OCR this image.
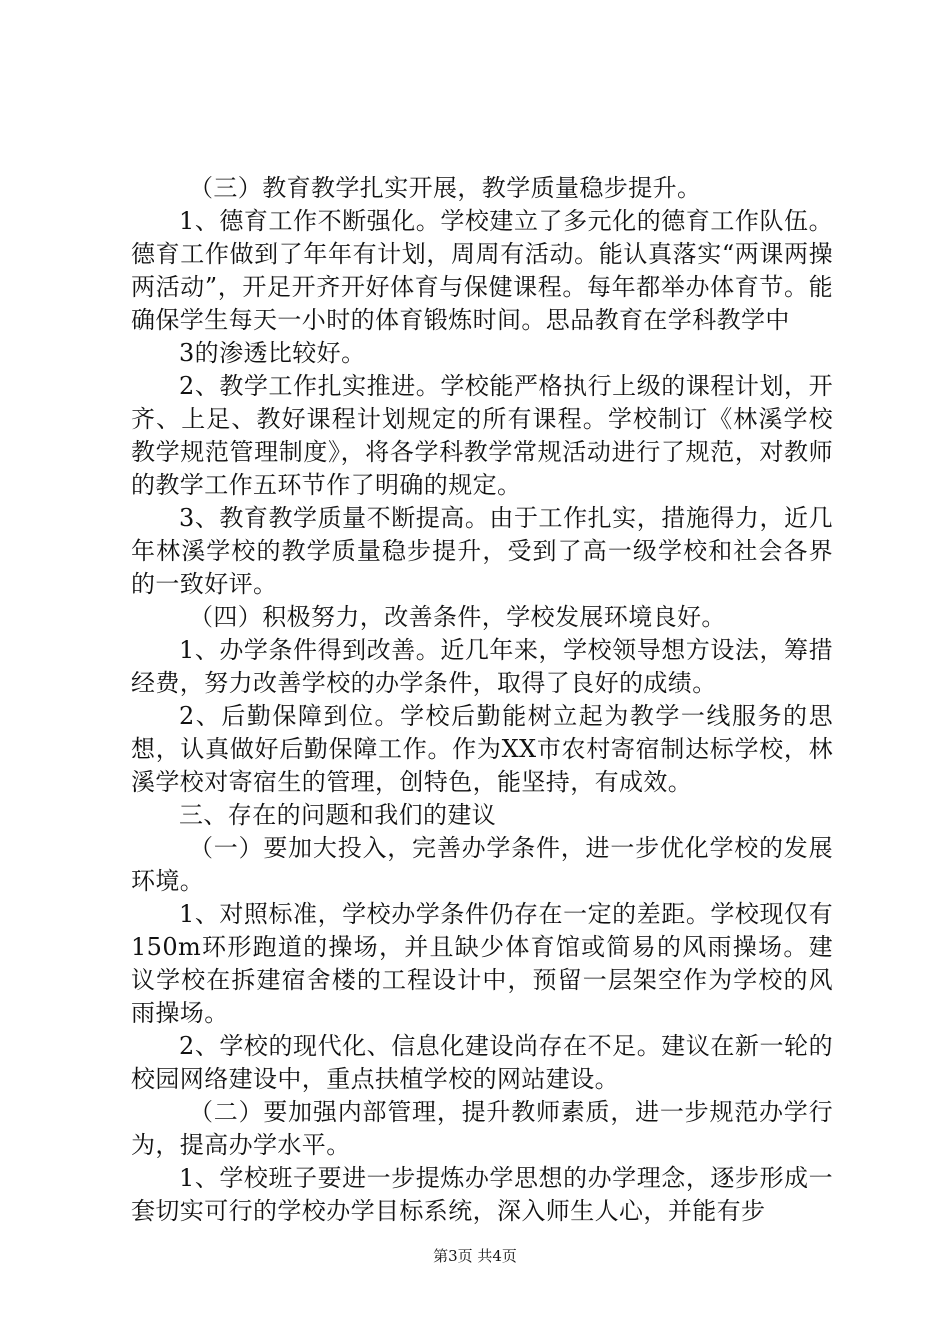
（三）教育教学扎实开展，教学质量稳步提升。

1、德育工作不断强化。学校建立了多元化的德育工作队伍。德育工作做到了年年有计划，周周有活动。能认真落实“两课两操两活动”，开足开齐开好体育与保健课程。每年都举办体育节。能确保学生每天一小时的体育锻炼时间。思品教育在学科教学中

3的渗透比较好。

2、教学工作扎实推进。学校能严格执行上级的课程计划，开齐、上足、教好课程计划规定的所有课程。学校制订《林溪学校教学规范管理制度》，将各学科教学常规活动进行了规范，对教师的教学工作五环节作了明确的规定。

3、教育教学质量不断提高。由于工作扎实，措施得力，近几年林溪学校的教学质量稳步提升，受到了高一级学校和社会各界的一致好评。

（四）积极努力，改善条件，学校发展环境良好。

1、办学条件得到改善。近几年来，学校领导想方设法，筹措经费，努力改善学校的办学条件，取得了良好的成绩。

2、后勤保障到位。学校后勤能树立起为教学一线服务的思想，认真做好后勤保障工作。作为XX市农村寄宿制达标学校，林溪学校对寄宿生的管理，创特色，能坚持，有成效。

三、存在的问题和我们的建议

（一）要加大投入，完善办学条件，进一步优化学校的发展环境。

1、对照标准，学校办学条件仍存在一定的差距。学校现仅有150m环形跑道的操场，并且缺少体育馆或简易的风雨操场。建议学校在拆建宿舍楼的工程设计中，预留一层架空作为学校的风雨操场。

2、学校的现代化、信息化建设尚存在不足。建议在新一轮的校园网络建设中，重点扶植学校的网站建设。

（二）要加强内部管理，提升教师素质，进一步规范办学行为，提高办学水平。

1、学校班子要进一步提炼办学思想的办学理念，逐步形成一套切实可行的学校办学目标系统，深入师生人心，并能有步

第3页 共4页
